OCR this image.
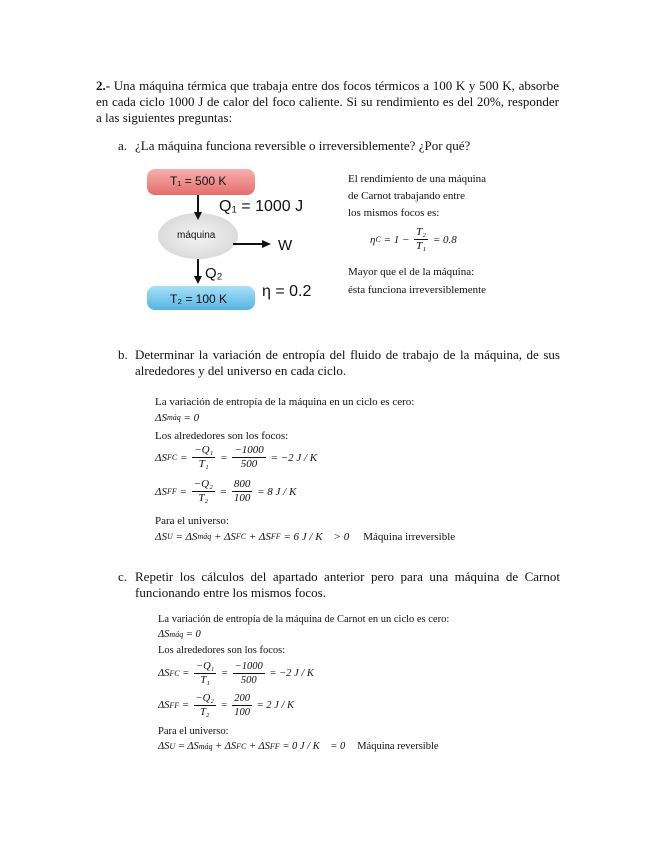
2.- Una máquina térmica que trabaja entre dos focos térmicos a 100 K y 500 K, absorbe en cada ciclo 1000 J de calor del foco caliente. Si su rendimiento es del 20%, responder a las siguientes preguntas:
a. ¿La máquina funciona reversible o irreversiblemente? ¿Por qué?
T₁ = 500 K
Q₁ = 1000 J
máquina
W
Q₂
T₂ = 100 K η = 0.2
El rendimiento de una máquina
de Carnot trabajando entre
los mismos focos es:
η $C = 1 - \frac{\text{T₂}}{\text{T₁}} = 0.8$
Mayor que el de la máquina:
ésta funciona irreversiblemente
b. Determinar la variación de entropía del fluido de trabajo de la máquina, de sus alrededores y del universo en cada ciclo.
La variación de entropía de la máquina en un ciclo es cero:
ΔS máq = 0
Los alrededores son los focos:
ΔS FC = $\frac{\text{−Q₁}}{\text{T₁}} = \frac{-1000}{500} = -2$ J / K
ΔS FF = $\frac{\text{−Q₂}}{\text{T₂}} = \frac{800}{100} = 8$ J / K
Para el universo:
ΔS U = ΔS máq + ΔS FC + ΔS FF = 6 J / K    > 0 Máquina irreversible
c. Repetir los cálculos del apartado anterior pero para una máquina de Carnot funcionando entre los mismos focos.
La variación de entropía de la máquina de Carnot en un ciclo es cero:
ΔS máq = 0
Los alrededores son los focos:
ΔS FC = $\frac{\text{−Q₁}}{\text{T₁}} = \frac{-1000}{500} = -2$ J / K
ΔS FF = $\frac{\text{−Q₂}}{\text{T₂}} = \frac{200}{100} = 2$ J / K
Para el universo:
ΔS U = ΔS máq + ΔS FC + ΔS FF = 0 J / K    = 0 Máquina reversible
